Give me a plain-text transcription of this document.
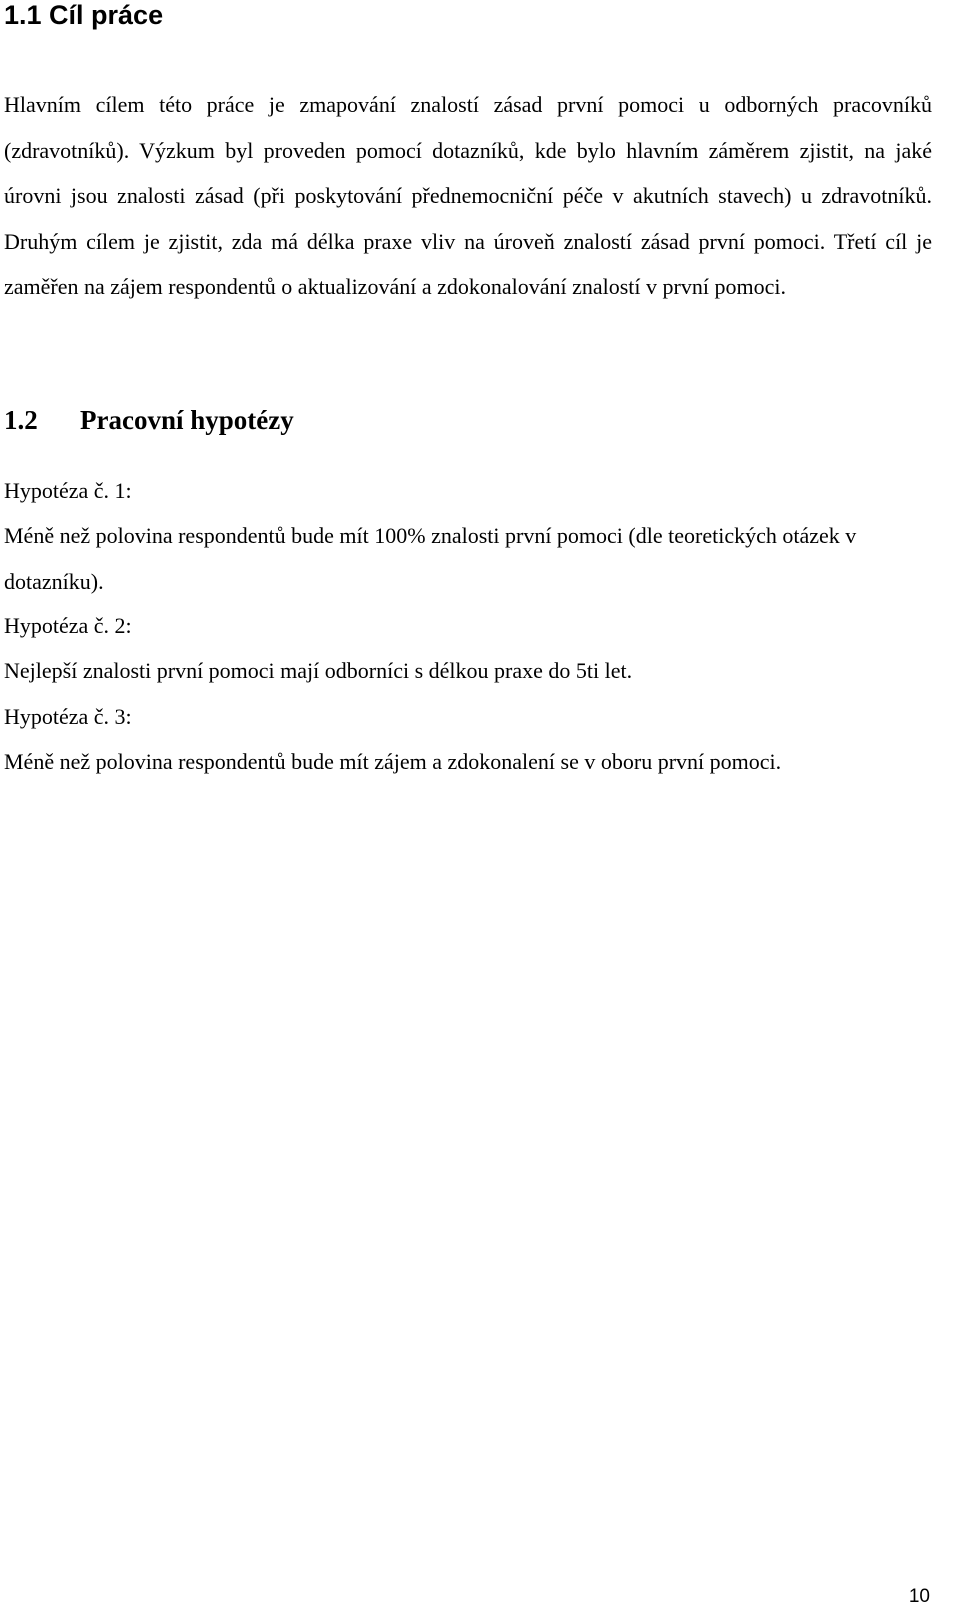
1.1 Cíl práce

Hlavním cílem této práce je zmapování znalostí zásad první pomoci u odborných pracovníků (zdravotníků). Výzkum byl proveden pomocí dotazníků, kde bylo hlavním záměrem zjistit, na jaké úrovni jsou znalosti zásad (při poskytování přednemocniční péče v akutních stavech) u zdravotníků. Druhým cílem je zjistit, zda má délka praxe vliv na úroveň znalostí zásad první pomoci. Třetí cíl je zaměřen na zájem respondentů o aktualizování a zdokonalování znalostí v první pomoci.

1.2 Pracovní hypotézy

Hypotéza č. 1:

Méně než polovina respondentů bude mít 100% znalosti první pomoci (dle teoretických otázek v dotazníku).

Hypotéza č. 2:

Nejlepší znalosti první pomoci mají odborníci s délkou praxe do 5ti let.

Hypotéza č. 3:

Méně než polovina respondentů bude mít zájem a zdokonalení se v oboru první pomoci.

10
